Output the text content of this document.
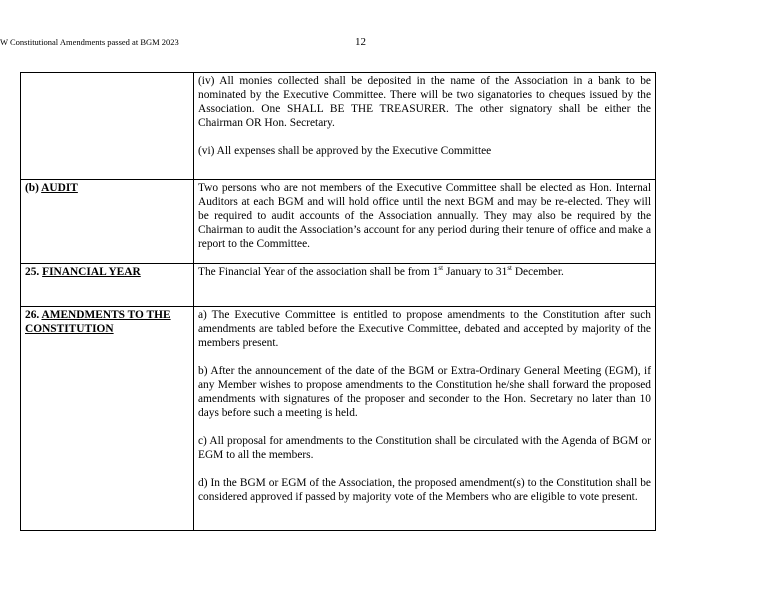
W Constitutional Amendments passed at BGM 2023	12

	(iv) All monies collected shall be deposited in the name of the Association in a bank to be nominated by the Executive Committee. There will be two siganatories to cheques issued by the Association. One SHALL BE THE TREASURER. The other signatory shall be either the Chairman OR Hon. Secretary.

(vi) All expenses shall be approved by the Executive Committee

(b) AUDIT	Two persons who are not members of the Executive Committee shall be elected as Hon. Internal Auditors at each BGM and will hold office until the next BGM and may be re-elected. They will be required to audit accounts of the Association annually. They may also be required by the Chairman to audit the Association’s account for any period during their tenure of office and make a report to the Committee.

25. FINANCIAL YEAR	The Financial Year of the association shall be from 1st January to 31st December.

26. AMENDMENTS TO THE CONSTITUTION	a) The Executive Committee is entitled to propose amendments to the Constitution after such amendments are tabled before the Executive Committee, debated and accepted by majority of the members present.

b) After the announcement of the date of the BGM or Extra-Ordinary General Meeting (EGM), if any Member wishes to propose amendments to the Constitution he/she shall forward the proposed amendments with signatures of the proposer and seconder to the Hon. Secretary no later than 10 days before such a meeting is held.

c) All proposal for amendments to the Constitution shall be circulated with the Agenda of BGM or EGM to all the members.

d) In the BGM or EGM of the Association, the proposed amendment(s) to the Constitution shall be considered approved if passed by majority vote of the Members who are eligible to vote present.
